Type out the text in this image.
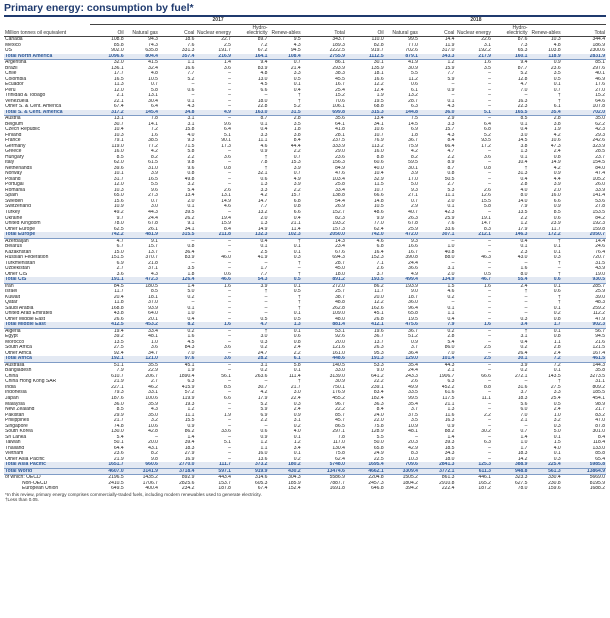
Primary energy: consumption by fuel*
	2017							2018						
Million tonnes oil equivalent	Oil	Natural gas	Coal	Nuclear energy	Hydro-electricity	Renew-ables	Total	Oil	Natural gas	Coal	Nuclear energy	Hydro-electricity	Renew-ables	Total
Canada	108.8	94.3	18.6	22.7	89.7	9.5	343.7	110.0	99.5	14.4	22.6	87.6	10.3	344.4
Mexico	85.8	74.3	7.6	2.5	7.2	4.3	189.3	82.8	77.0	11.9	3.1	7.3	4.8	186.9
US	902.0	635.8	331.3	191.7	67.2	94.5	2222.5	919.7	702.6	317.0	192.2	65.3	103.8	2300.6
Total North America	1096.6	804.4	357.4	216.9	164.1	108.4	2755.9	1112.5	879.1	343.3	217.9	160.1	118.9	2831.9
Argentina	32.0	41.5	1.1	1.4	9.4	0.7	86.1	30.1	41.9	1.2	1.6	9.4	0.9	85.1
Brazil	136.1	32.4	16.6	3.6	83.9	21.4	293.9	135.9	30.9	15.9	3.5	87.7	23.6	297.6
Chile	17.7	4.8	7.7	–	4.8	3.3	38.3	18.1	5.5	7.7	–	5.2	3.5	40.1
Colombia	16.5	10.5	5.2	–	13.0	0.5	45.5	16.6	11.2	5.9	–	12.8	0.5	46.9
Ecuador	11.3	0.7	–	–	4.5	0.1	16.7	12.2	0.6	–	–	4.7	0.1	17.6
Peru	12.0	5.8	0.6	–	6.6	0.4	25.4	12.4	6.1	0.9	–	7.0	0.7	27.0
Trinidad & Tobago	2.1	13.1	–	–	–	†	15.2	1.9	13.2	–	–	–	†	15.2
Venezuela	22.1	30.4	0.1	–	18.0	†	70.6	19.5	28.7	0.1	–	16.3	†	64.6
Other S. & Cent. America	67.4	6.4	4.3	–	22.8	5.2	106.1	68.8	6.3	4.3	–	22.3	6.1	107.8
Total S. & Cent. America	317.2	145.4	34.8	4.9	163.0	31.5	699.8	315.3	144.8	36.0	5.1	165.5	35.4	702.0
Austria	13.1	7.8	3.1	–	8.7	2.8	35.6	13.4	7.5	2.9	–	8.5	2.8	35.0
Belgium	30.7	14.1	3.1	9.6	0.1	3.5	64.1	34.1	14.5	3.3	6.4	0.1	3.8	62.2
Czech Republic	10.4	7.2	15.8	6.4	0.4	1.8	41.8	10.6	6.9	15.7	6.8	0.4	1.9	42.3
Finland	10.3	1.6	4.0	5.1	3.3	3.8	28.1	10.7	1.8	4.3	5.2	3.0	4.2	29.3
France	79.1	38.5	9.3	90.1	11.1	8.4	237.5	76.9	36.7	8.4	93.5	14.5	10.6	242.6
Germany	119.0	77.2	71.5	17.3	4.6	44.4	333.9	113.2	75.9	66.4	17.2	3.8	47.3	323.9
Greece	16.0	4.2	5.8	–	0.9	2.2	29.0	16.0	4.2	4.7	–	1.3	2.4	28.5
Hungary	8.5	8.2	2.2	3.6	†	0.7	23.6	8.8	8.2	2.2	3.6	0.1	0.8	23.7
Italy	62.0	61.5	9.8	–	7.8	15.3	156.3	60.6	59.5	8.9	–	10.4	14.9	154.5
Netherlands	39.6	31.0	9.6	0.8	†	3.9	84.9	40.0	30.1	8.7	0.8	†	4.2	84.0
Norway	10.1	3.9	0.8	–	32.1	0.7	47.6	10.4	3.9	0.8	–	31.3	0.9	47.4
Poland	31.7	16.5	49.8	–	0.6	4.9	103.4	32.9	17.0	50.5	–	0.4	4.4	105.2
Portugal	12.0	5.5	3.2	–	1.3	3.9	25.8	11.5	5.0	2.7	–	2.8	3.9	26.0
Romania	10.3	9.6	5.4	2.6	3.3	2.2	33.4	10.7	9.3	5.3	2.6	4.0	2.0	33.9
Spain	65.0	27.3	13.4	13.1	4.2	15.7	138.8	66.6	27.1	11.1	12.6	8.0	16.0	141.4
Sweden	15.6	0.7	2.0	14.9	14.7	6.8	54.4	14.8	0.7	2.0	15.5	14.0	6.6	53.6
Switzerland	10.9	3.0	0.1	4.6	7.7	0.8	26.9	10.5	2.9	0.1	5.8	7.9	0.9	27.8
Turkey	49.2	44.3	39.5	–	13.2	6.6	152.7	48.6	40.7	42.3	–	13.5	8.5	153.5
Ukraine	9.7	24.4	26.2	19.4	2.0	0.4	82.3	9.9	26.3	25.9	19.1	2.2	0.6	84.2
United Kingdom	78.0	67.8	9.1	15.9	1.3	21.1	193.2	77.0	67.8	7.6	14.7	1.2	23.9	192.3
Other Europe	62.5	26.1	34.1	8.4	14.9	11.4	157.3	62.4	25.9	33.6	8.3	17.9	11.7	159.8
Total Europe	742.2	481.9	315.5	211.8	132.3	102.3	2050.0	742.0	472.0	307.1	212.1	146.3	172.2	2050.7
Azerbaijan	4.7	9.1	–	–	0.4	†	14.3	4.6	9.3	–	–	0.4	†	14.4
Belarus	6.7	15.7	0.8	–	0.1	0.1	23.4	6.8	16.6	1.0	–	0.1	0.1	24.6
Kazakhstan	15.0	13.7	36.4	–	2.5	0.1	67.6	16.4	16.7	40.8	–	2.3	0.1	76.4
Russian Federation	151.5	370.7	83.9	46.0	41.9	0.3	694.3	152.3	390.8	88.0	46.3	43.0	0.3	720.7
Turkmenistan	6.9	21.8	–	–	–	†	28.7	7.1	24.4	–	–	–	†	31.5
Uzbekistan	2.7	37.1	3.5	–	1.7	–	45.0	2.6	36.6	3.1	–	1.6	–	43.9
Other CIS	3.6	4.3	1.8	0.6	7.7	†	18.0	3.7	4.9	2.0	0.5	8.0	†	19.0
Total CIS	191.1	472.3	126.4	46.6	54.3	0.5	891.2	193.5	499.4	134.9	46.7	55.4	0.6	930.5
Iran	84.5	180.5	1.4	1.6	3.9	0.1	272.0	86.2	193.9	1.5	1.6	2.4	0.1	285.7
Israel	11.7	8.5	5.0	–	†	0.5	25.7	11.7	9.0	4.6	–	†	0.6	25.9
Kuwait	20.4	18.1	0.2	–	–	†	38.7	20.0	18.7	0.2	–	–	†	39.0
Qatar	11.8	37.0	–	–	–	†	48.8	12.2	36.0	–	–	–	†	48.3
Saudi Arabia	168.8	93.9	0.1	–	–	†	262.8	162.6	96.4	0.1	–	–	0.1	259.2
United Arab Emirates	43.8	64.0	1.0	–	–	0.1	109.0	45.1	65.8	1.1	–	–	0.2	112.2
Other Middle East	26.6	20.1	0.4	–	0.5	0.5	48.0	26.8	19.5	0.4	–	0.3	0.8	47.9
Total Middle East	412.5	453.2	8.2	1.6	4.7	1.3	881.4	412.1	475.6	7.9	1.6	3.4	1.7	902.3
Algeria	19.4	33.4	0.2	–	†	0.1	53.1	19.6	36.7	0.2	–	†	0.1	56.7
Egypt	39.2	48.1	1.6	–	3.0	0.6	92.6	36.7	51.2	2.8	–	3.1	0.8	94.5
Morocco	13.5	1.0	4.5	–	0.3	0.8	20.0	13.7	0.9	5.4	–	0.4	1.1	21.6
South Africa	27.5	3.6	84.3	3.6	0.2	2.4	121.6	26.3	3.7	86.0	2.5	0.2	2.8	121.5
Other Africa	92.4	34.7	7.0	–	24.7	2.2	161.0	95.3	36.4	7.0	–	26.4	2.4	167.4
Total Africa	192.1	121.0	97.6	3.6	28.2	6.1	448.6	191.3	129.0	101.4	2.5	30.1	7.2	461.5
Australia	51.1	35.5	45.1	–	3.1	5.8	140.5	53.3	35.4	44.3	–	3.9	7.2	144.3
Bangladesh	7.9	22.9	1.9	–	0.2	0.1	33.0	9.0	24.4	2.1	–	0.2	0.1	35.8
China	610.7	206.7	1890.4	56.1	263.6	111.4	3139.0	641.2	243.3	1906.7	66.6	272.1	143.5	3273.5
China Hong Kong SAR	21.9	2.7	6.3	–	–	†	30.9	22.2	2.6	6.3	–	–	†	31.1
India	227.1	46.2	415.9	8.5	30.7	21.7	750.1	239.1	49.9	452.2	8.8	31.6	27.5	809.2
Indonesia	79.3	33.1	57.2	–	4.2	3.0	176.9	83.4	33.5	61.6	–	3.7	3.3	185.5
Japan	187.6	100.6	119.9	6.6	17.9	22.4	455.2	182.4	99.5	117.5	11.1	18.3	25.4	454.1
Malaysia	36.0	35.9	19.3	–	5.2	0.3	96.7	36.3	35.4	21.1	–	5.6	0.5	98.9
New Zealand	8.5	4.3	1.2	–	5.9	2.4	22.2	8.4	3.7	1.3	–	6.0	2.4	21.7
Pakistan	29.9	35.0	11.1	1.9	6.9	0.9	85.7	24.0	37.5	11.6	2.2	7.0	1.0	83.2
Philippines	21.7	3.2	15.5	–	2.2	3.1	45.7	22.0	3.5	16.3	–	2.1	3.2	47.0
Singapore	74.8	10.6	0.9	–	–	0.2	86.5	75.8	10.9	0.9	–	–	0.3	87.8
South Korea	130.0	42.8	86.2	33.6	0.6	4.0	297.1	128.9	48.1	88.2	30.2	0.7	5.0	301.0
Sri Lanka	5.4	–	1.4	–	0.9	0.1	7.8	5.5	–	1.4	–	1.4	0.1	8.4
Taiwan	50.1	20.0	39.4	5.1	1.2	1.2	117.0	50.0	20.3	39.3	6.3	1.0	1.5	118.4
Thailand	64.4	43.1	18.3	–	1.1	3.4	130.4	65.8	42.9	18.5	–	1.7	4.0	133.0
Vietnam	23.6	8.2	27.9	–	16.0	0.1	75.8	24.9	8.3	34.3	–	18.3	0.1	85.8
Other Asia Pacific	21.9	9.8	16.9	–	13.6	0.2	62.4	22.5	10.3	18.0	–	14.2	0.3	65.4
Total Asia Pacific	1651.7	660.6	2770.0	111.7	373.2	180.2	5748.0	1695.4	709.6	2841.3	125.3	388.9	225.4	5985.8
Total World	4607.0	3141.9	3718.4	597.1	919.9	430.2	13474.6	4662.1	3309.4	3772.1	611.3	948.8	561.3	13864.9
of which: OECD	2196.5	1435.2	892.9	443.4	314.6	304.3	5586.9	2204.8	1505.2	861.3	446.1	323.3	330.4	5669.0
Non-OECD	2410.5	1706.7	2825.6	153.7	605.3	185.9	7887.7	2457.3	1804.2	2910.8	165.2	627.5	230.8	8195.9
European Union	649.5	400.4	234.2	187.8	67.4	152.4	1691.8	646.8	394.2	222.4	187.2	78.0	159.6	1688.2
*In this review, primary energy comprises commercially-traded fuels, including modern renewables used to generate electricity.														
†Less than 0.05.														
